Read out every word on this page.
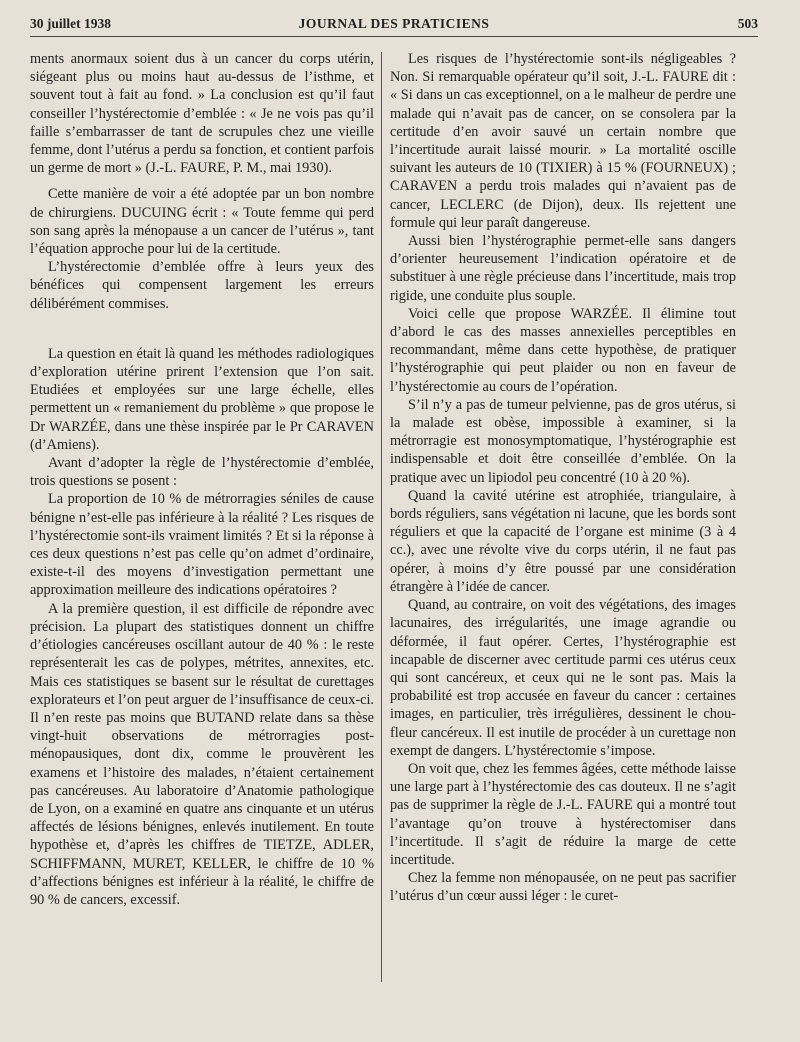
30 juillet 1938	JOURNAL DES PRATICIENS	503

ments anormaux soient dus à un cancer du corps utérin, siégeant plus ou moins haut au-dessus de l’isthme, et souvent tout à fait au fond. » La conclusion est qu’il faut conseiller l’hystérectomie d’emblée : « Je ne vois pas qu’il faille s’embarrasser de tant de scrupules chez une vieille femme, dont l’utérus a perdu sa fonction, et contient parfois un germe de mort » (J.-L. FAURE, P. M., mai 1930).

Cette manière de voir a été adoptée par un bon nombre de chirurgiens. DUCUING écrit : « Toute femme qui perd son sang après la ménopause a un cancer de l’utérus », tant l’équation approche pour lui de la certitude.

L’hystérectomie d’emblée offre à leurs yeux des bénéfices qui compensent largement les erreurs délibérément commises.

La question en était là quand les méthodes radiologiques d’exploration utérine prirent l’extension que l’on sait. Etudiées et employées sur une large échelle, elles permettent un « remaniement du problème » que propose le Dr WARZÉE, dans une thèse inspirée par le Pr CARAVEN (d’Amiens).

Avant d’adopter la règle de l’hystérectomie d’emblée, trois questions se posent :

La proportion de 10 % de métrorragies séniles de cause bénigne n’est-elle pas inférieure à la réalité ? Les risques de l’hystérectomie sont-ils vraiment limités ? Et si la réponse à ces deux questions n’est pas celle qu’on admet d’ordinaire, existe-t-il des moyens d’investigation permettant une approximation meilleure des indications opératoires ?

A la première question, il est difficile de répondre avec précision. La plupart des statistiques donnent un chiffre d’étiologies cancéreuses oscillant autour de 40 % : le reste représenterait les cas de polypes, métrites, annexites, etc. Mais ces statistiques se basent sur le résultat de curettages explorateurs et l’on peut arguer de l’insuffisance de ceux-ci. Il n’en reste pas moins que BUTAND relate dans sa thèse vingt-huit observations de métrorragies post-ménopausiques, dont dix, comme le prouvèrent les examens et l’histoire des malades, n’étaient certainement pas cancéreuses. Au laboratoire d’Anatomie pathologique de Lyon, on a examiné en quatre ans cinquante et un utérus affectés de lésions bénignes, enlevés inutilement. En toute hypothèse et, d’après les chiffres de TIETZE, ADLER, SCHIFFMANN, MURET, KELLER, le chiffre de 10 % d’affections bénignes est inférieur à la réalité, le chiffre de 90 % de cancers, excessif.

Les risques de l’hystérectomie sont-ils négligeables ? Non. Si remarquable opérateur qu’il soit, J.-L. FAURE dit : « Si dans un cas exceptionnel, on a le malheur de perdre une malade qui n’avait pas de cancer, on se consolera par la certitude d’en avoir sauvé un certain nombre que l’incertitude aurait laissé mourir. » La mortalité oscille suivant les auteurs de 10 (TIXIER) à 15 % (FOURNEUX) ; CARAVEN a perdu trois malades qui n’avaient pas de cancer, LECLERC (de Dijon), deux. Ils rejettent une formule qui leur paraît dangereuse.

Aussi bien l’hystérographie permet-elle sans dangers d’orienter heureusement l’indication opératoire et de substituer à une règle précieuse dans l’incertitude, mais trop rigide, une conduite plus souple.

Voici celle que propose WARZÉE. Il élimine tout d’abord le cas des masses annexielles perceptibles en recommandant, même dans cette hypothèse, de pratiquer l’hystérographie qui peut plaider ou non en faveur de l’hystérectomie au cours de l’opération.

S’il n’y a pas de tumeur pelvienne, pas de gros utérus, si la malade est obèse, impossible à examiner, si la métrorragie est monosymptomatique, l’hystérographie est indispensable et doit être conseillée d’emblée. On la pratique avec un lipiodol peu concentré (10 à 20 %).

Quand la cavité utérine est atrophiée, triangulaire, à bords réguliers, sans végétation ni lacune, que les bords sont réguliers et que la capacité de l’organe est minime (3 à 4 cc.), avec une révolte vive du corps utérin, il ne faut pas opérer, à moins d’y être poussé par une considération étrangère à l’idée de cancer.

Quand, au contraire, on voit des végétations, des images lacunaires, des irrégularités, une image agrandie ou déformée, il faut opérer. Certes, l’hystérographie est incapable de discerner avec certitude parmi ces utérus ceux qui sont cancéreux, et ceux qui ne le sont pas. Mais la probabilité est trop accusée en faveur du cancer : certaines images, en particulier, très irrégulières, dessinent le chou-fleur cancéreux. Il est inutile de procéder à un curettage non exempt de dangers. L’hystérectomie s’impose.

On voit que, chez les femmes âgées, cette méthode laisse une large part à l’hystérectomie des cas douteux. Il ne s’agit pas de supprimer la règle de J.-L. FAURE qui a montré tout l’avantage qu’on trouve à hystérectomiser dans l’incertitude. Il s’agit de réduire la marge de cette incertitude.

Chez la femme non ménopausée, on ne peut pas sacrifier l’utérus d’un cœur aussi léger : le curet-
